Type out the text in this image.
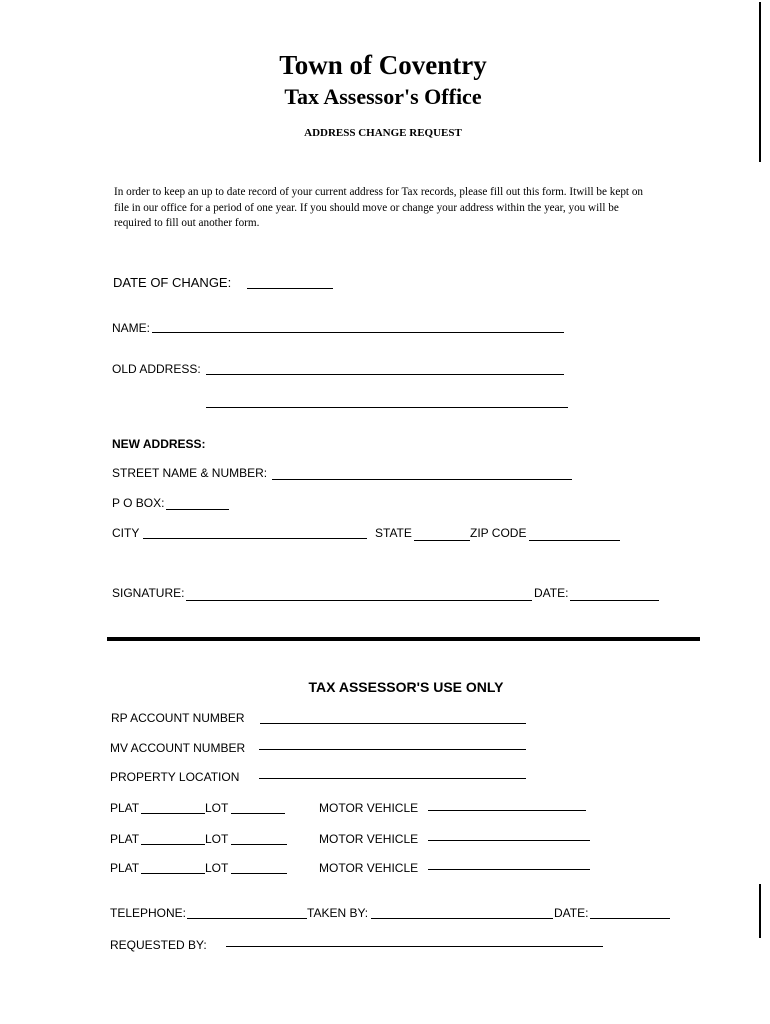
Town of Coventry
Tax Assessor's Office
ADDRESS CHANGE REQUEST
In order to keep an up to date record of your current address for Tax records, please fill out this form. Itwill be kept on file in our office for a period of one year. If you should move or change your address within the year, you will be required to fill out another form.
DATE OF CHANGE:
NAME:
OLD ADDRESS:
NEW ADDRESS:
STREET NAME & NUMBER:
P O BOX:
CITY	STATE	ZIP CODE
SIGNATURE:	DATE:
TAX ASSESSOR'S USE ONLY
RP ACCOUNT NUMBER
MV ACCOUNT NUMBER
PROPERTY LOCATION
PLAT	LOT	MOTOR VEHICLE
PLAT	LOT	MOTOR VEHICLE
PLAT	LOT	MOTOR VEHICLE
TELEPHONE:	TAKEN BY:	DATE:
REQUESTED BY:
